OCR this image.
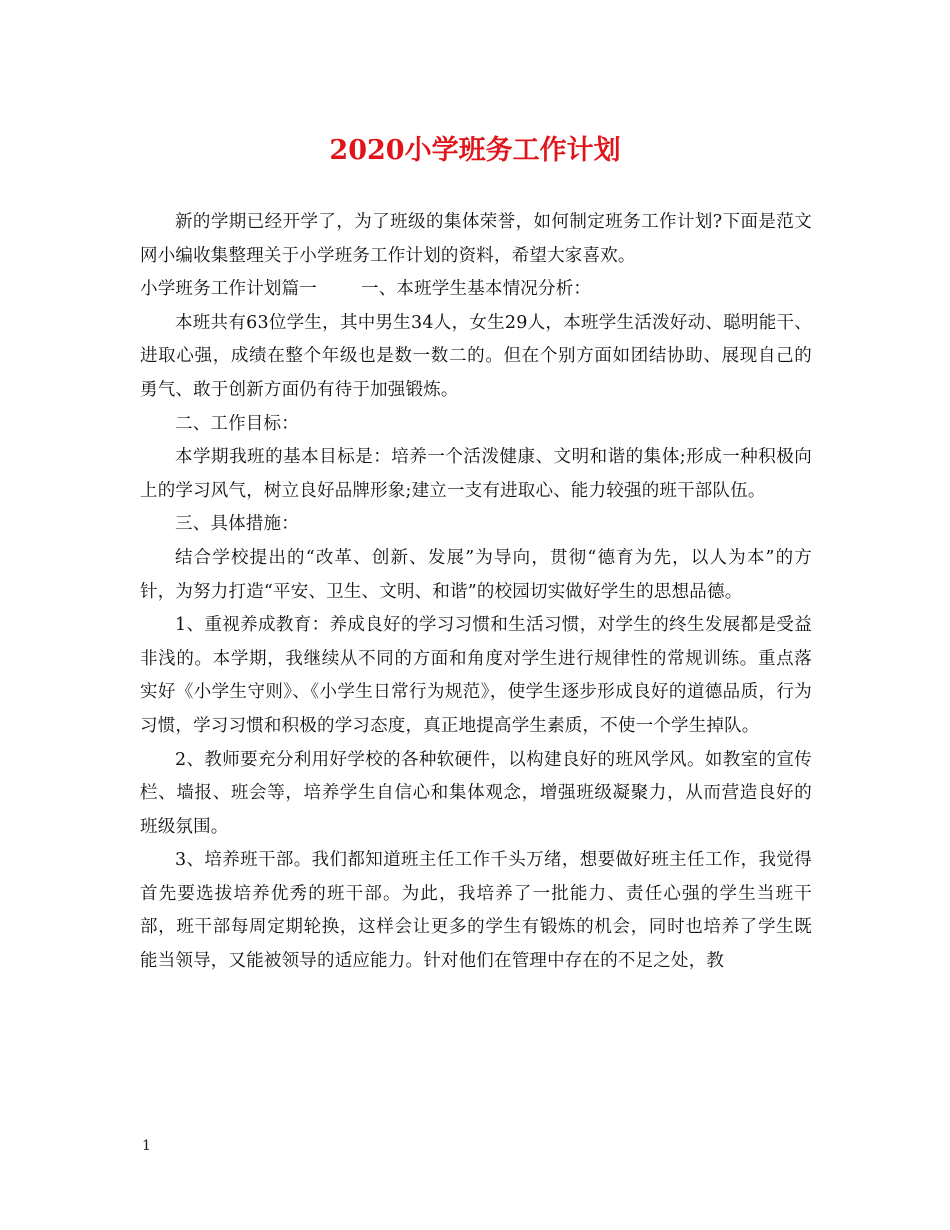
2020小学班务工作计划

新的学期已经开学了，为了班级的集体荣誉，如何制定班务工作计划?下面是范文网小编收集整理关于小学班务工作计划的资料，希望大家喜欢。

小学班务工作计划篇一	一、本班学生基本情况分析：

本班共有63位学生，其中男生34人，女生29人，本班学生活泼好动、聪明能干、进取心强，成绩在整个年级也是数一数二的。但在个别方面如团结协助、展现自己的勇气、敢于创新方面仍有待于加强锻炼。

二、工作目标：

本学期我班的基本目标是：培养一个活泼健康、文明和谐的集体;形成一种积极向上的学习风气，树立良好品牌形象;建立一支有进取心、能力较强的班干部队伍。

三、具体措施：

结合学校提出的“改革、创新、发展”为导向，贯彻“德育为先，以人为本”的方针，为努力打造“平安、卫生、文明、和谐”的校园切实做好学生的思想品德。

1、重视养成教育：养成良好的学习习惯和生活习惯，对学生的终生发展都是受益非浅的。本学期，我继续从不同的方面和角度对学生进行规律性的常规训练。重点落实好《小学生守则》、《小学生日常行为规范》，使学生逐步形成良好的道德品质，行为习惯，学习习惯和积极的学习态度，真正地提高学生素质，不使一个学生掉队。

2、教师要充分利用好学校的各种软硬件，以构建良好的班风学风。如教室的宣传栏、墙报、班会等，培养学生自信心和集体观念，增强班级凝聚力，从而营造良好的班级氛围。

3、培养班干部。我们都知道班主任工作千头万绪，想要做好班主任工作，我觉得首先要选拔培养优秀的班干部。为此，我培养了一批能力、责任心强的学生当班干部，班干部每周定期轮换，这样会让更多的学生有锻炼的机会，同时也培养了学生既能当领导，又能被领导的适应能力。针对他们在管理中存在的不足之处，教

1
